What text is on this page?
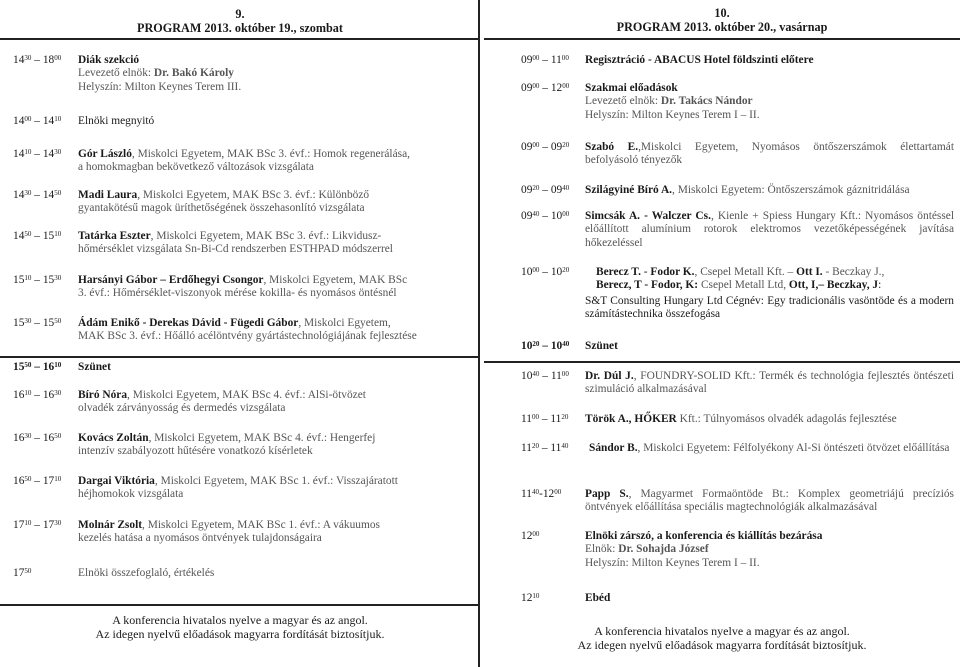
9.
PROGRAM 2013. október 19., szombat
$14^{30} - 18^{00}$ Diák szekció
Levezető elnök: Dr. Bakó Károly
Helyszín: Milton Keynes Terem III.
$14^{00} - 14^{10}$ Elnöki megnyitó
$14^{10} - 14^{30}$ Gór László, Miskolci Egyetem, MAK BSc 3. évf.: Homok regenerálása,
a homokmagban bekövetkező változások vizsgálata
$14^{30} - 14^{50}$ Madi Laura, Miskolci Egyetem, MAK BSc 3. évf.: Különböző
gyantakötésű magok üríthetőségének összehasonlító vizsgálata
$14^{50} - 15^{10}$ Tatárka Eszter, Miskolci Egyetem, MAK BSc 3. évf.: Likvidusz-
hőmérséklet vizsgálata Sn-Bi-Cd rendszerben ESTHPAD módszerrel
$15^{10} - 15^{30}$ Harsányi Gábor – Erdőhegyi Csongor, Miskolci Egyetem, MAK BSc
3. évf.: Hőmérséklet-viszonyok mérése kokilla- és nyomásos öntésnél
$15^{30} - 15^{50}$ Ádám Enikő - Derekas Dávid - Fügedi Gábor, Miskolci Egyetem,
MAK BSc 3. évf.: Hőálló acélöntvény gyártástechnológiájának fejlesztése
$15^{50} - 16^{10}$ Szünet
$16^{10} - 16^{30}$ Bíró Nóra, Miskolci Egyetem, MAK BSc 4. évf.: AlSi-ötvözet
olvadék zárványosság és dermedés vizsgálata
$16^{30} - 16^{50}$ Kovács Zoltán, Miskolci Egyetem, MAK BSc 4. évf.: Hengerfej
intenzív szabályozott hűtésére vonatkozó kísérletek
$16^{50} - 17^{10}$ Dargai Viktória, Miskolci Egyetem, MAK BSc 1. évf.: Visszajáratott
héjhomokok vizsgálata
$17^{10} - 17^{30}$ Molnár Zsolt, Miskolci Egyetem, MAK BSc 1. évf.: A vákuumos
kezelés hatása a nyomásos öntvények tulajdonságaira
$17^{50}$	Elnöki összefoglaló, értékelés
A konferencia hivatalos nyelve a magyar és az angol.
Az idegen nyelvű előadások magyarra fordítását biztosítjuk.
10.
PROGRAM 2013. október 20., vasárnap
$09^{00} - 11^{00}$ Regisztráció - ABACUS Hotel földszinti előtere
$09^{00} - 12^{00}$ Szakmai előadások
Levezető elnök: Dr. Takács Nándor
Helyszín: Milton Keynes Terem I – II.
$09^{00} - 09^{20}$ Szabó E.,Miskolci Egyetem, Nyomásos öntőszerszámok élettartamát befolyásoló tényezők
$09^{20} - 09^{40}$ Szilágyiné Bíró A., Miskolci Egyetem: Öntőszerszámok gáznitridálása
$09^{40} - 10^{00}$ Simcsák A. - Walczer Cs., Kienle + Spiess Hungary Kft.: Nyomásos öntéssel előállított alumínium rotorok elektromos vezetőképességének javítása hőkezeléssel
$10^{00} - 10^{20}$ Berecz T. - Fodor K., Csepel Metall Kft. – Ott I. - Beczkay J.,
Berecz, T - Fodor, K: Csepel Metall Ltd, Ott, I,– Beczkay, J:
S&T Consulting Hungary Ltd Cégnév: Egy tradicionális vasöntöde és a modern számítástechnika összefogása
$10^{20} - 10^{40}$ Szünet
$10^{40} - 11^{00}$ Dr. Dúl J., FOUNDRY-SOLID Kft.: Termék és technológia fejlesztés öntészeti szimuláció alkalmazásával
$11^{00} - 11^{20}$ Török A., HŐKER Kft.: Túlnyomásos olvadék adagolás fejlesztése
$11^{20} - 11^{40}$ Sándor B., Miskolci Egyetem: Félfolyékony Al-Si öntészeti ötvözet előállítása
$11^{40}-12^{00}$ Papp S., Magyarmet Formaöntöde Bt.: Komplex geometriájú precíziós öntvények előállítása speciális magtechnológiák alkalmazásával
$12^{00}$	Elnöki zárszó, a konferencia és kiállítás bezárása
Elnök: Dr. Sohajda József
Helyszín: Milton Keynes Terem I – II.
$12^{10}$	Ebéd
A konferencia hivatalos nyelve a magyar és az angol.
Az idegen nyelvű előadások magyarra fordítását biztosítjuk.
